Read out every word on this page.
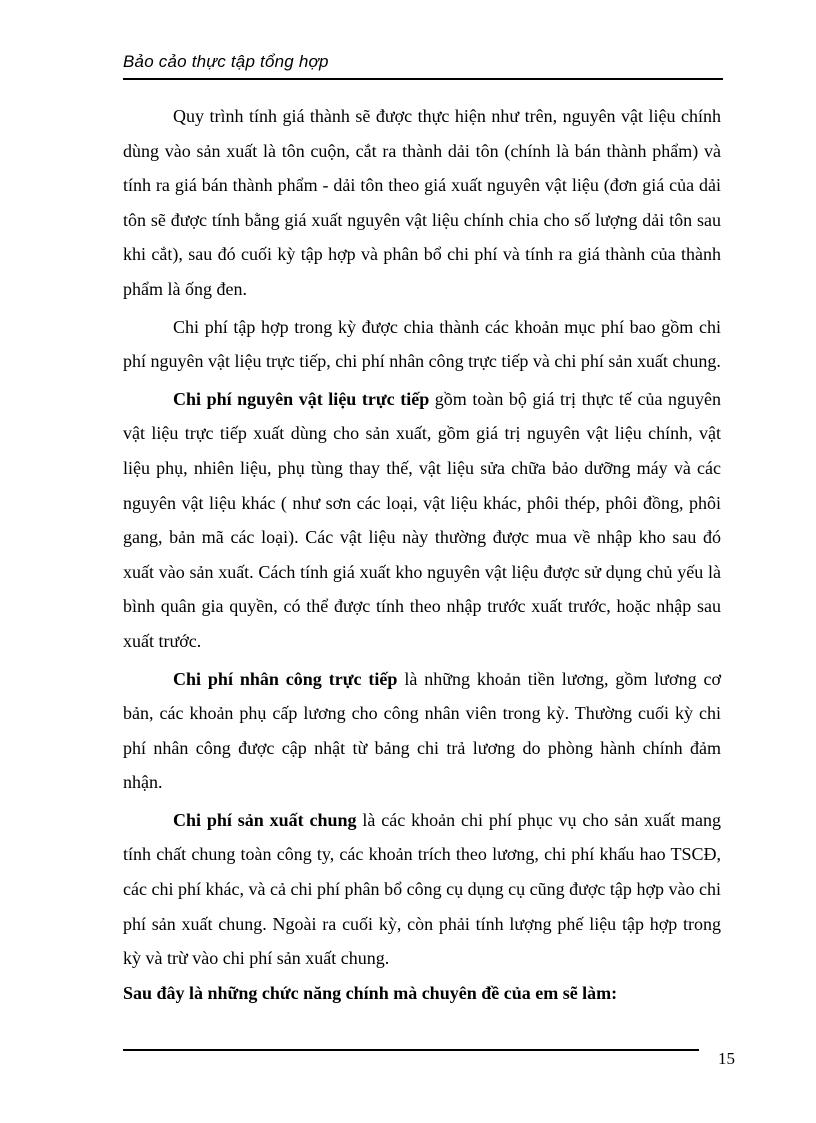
Bảo cảo thực tập tổng hợp

Quy trình tính giá thành sẽ được thực hiện như trên, nguyên vật liệu chính dùng vào sản xuất là tôn cuộn, cắt ra thành dải tôn (chính là bán thành phẩm) và tính ra giá bán thành phẩm - dải tôn theo giá xuất nguyên vật liệu (đơn giá của dải tôn sẽ được tính bằng giá xuất nguyên vật liệu chính chia cho số lượng dải tôn sau khi cắt), sau đó cuối kỳ tập hợp và phân bổ chi phí và tính ra giá thành của thành phẩm là ống đen.

Chi phí tập hợp trong kỳ được chia thành các khoản mục phí bao gồm chi phí nguyên vật liệu trực tiếp, chi phí nhân công trực tiếp và chi phí sản xuất chung.

Chi phí nguyên vật liệu trực tiếp gồm toàn bộ giá trị thực tế của nguyên vật liệu trực tiếp xuất dùng cho sản xuất, gồm giá trị nguyên vật liệu chính, vật liệu phụ, nhiên liệu, phụ tùng thay thế, vật liệu sửa chữa bảo dưỡng máy và các nguyên vật liệu khác ( như sơn các loại, vật liệu khác, phôi thép, phôi đồng, phôi gang, bản mã các loại). Các vật liệu này thường được mua về nhập kho sau đó xuất vào sản xuất. Cách tính giá xuất kho nguyên vật liệu được sử dụng chủ yếu là bình quân gia quyền, có thể được tính theo nhập trước xuất trước, hoặc nhập sau xuất trước.

Chi phí nhân công trực tiếp là những khoản tiền lương, gồm lương cơ bản, các khoản phụ cấp lương cho công nhân viên trong kỳ. Thường cuối kỳ chi phí nhân công được cập nhật từ bảng chi trả lương do phòng hành chính đảm nhận.

Chi phí sản xuất chung là các khoản chi phí phục vụ cho sản xuất mang tính chất chung toàn công ty, các khoản trích theo lương, chi phí khấu hao TSCĐ, các chi phí khác, và cả chi phí phân bổ công cụ dụng cụ cũng được tập hợp vào chi phí sản xuất chung. Ngoài ra cuối kỳ, còn phải tính lượng phế liệu tập hợp trong kỳ và trừ vào chi phí sản xuất chung.

Sau đây là những chức năng chính mà chuyên đề của em sẽ làm:

15
